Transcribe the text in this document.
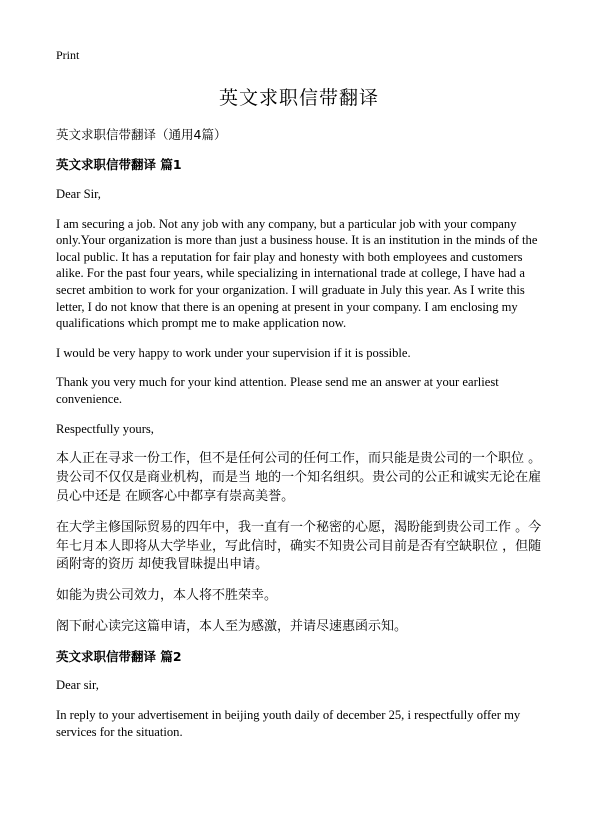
Print
英文求职信带翻译
英文求职信带翻译（通用4篇）
英文求职信带翻译 篇1

Dear Sir,

I am securing a job. Not any job with any company, but a particular job with your company only.Your organization is more than just a business house. It is an institution in the minds of the local public. It has a reputation for fair play and honesty with both employees and customers alike. For the past four years, while specializing in international trade at college, I have had a secret ambition to work for your organization. I will graduate in July this year. As I write this letter, I do not know that there is an opening at present in your company. I am enclosing my qualifications which prompt me to make application now.

I would be very happy to work under your supervision if it is possible.

Thank you very much for your kind attention. Please send me an answer at your earliest convenience.

Respectfully yours,

本人正在寻求一份工作，但不是任何公司的任何工作，而只能是贵公司的一个职位 。贵公司不仅仅是商业机构，而是当 地的一个知名组织。贵公司的公正和诚实无论在雇员心中还是 在顾客心中都享有崇高美誉。

在大学主修国际贸易的四年中，我一直有一个秘密的心愿，渴盼能到贵公司工作 。今年七月本人即将从大学毕业，写此信时，确实不知贵公司目前是否有空缺职位 ，但随函附寄的资历 却使我冒昧提出申请。

如能为贵公司效力，本人将不胜荣幸。

阁下耐心读完这篇申请，本人至为感激，并请尽速惠函示知。

英文求职信带翻译 篇2

Dear sir,

In reply to your advertisement in beijing youth daily of december 25, i respectfully offer my services for the situation.
